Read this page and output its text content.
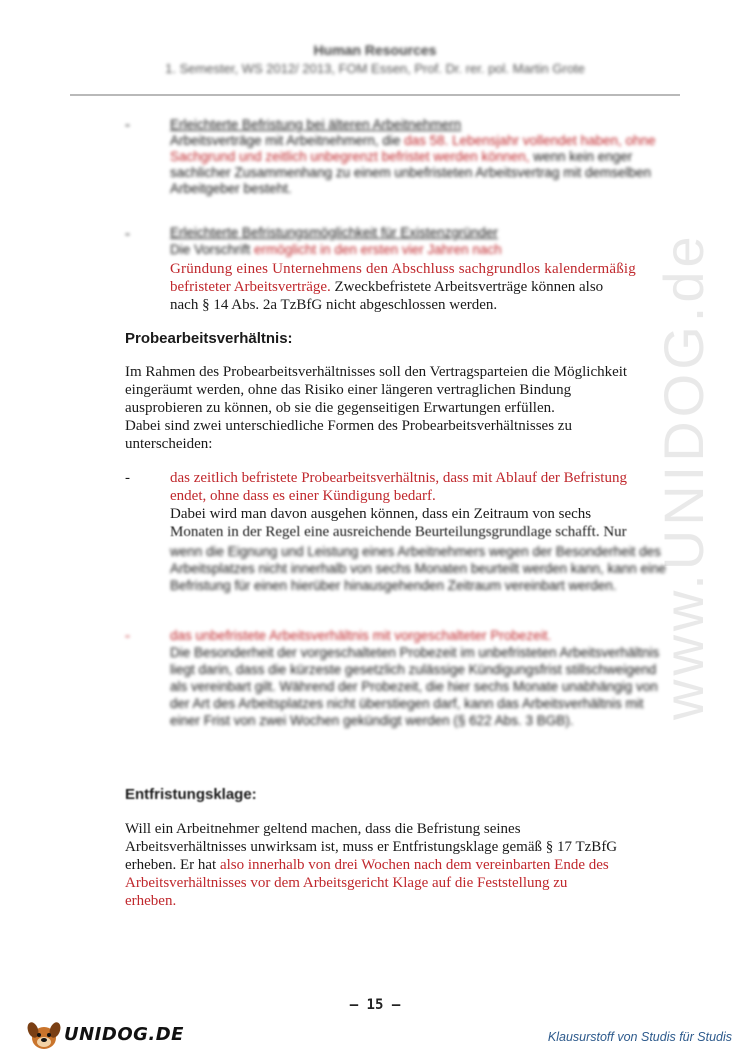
Human Resources
1. Semester, WS 2012/ 2013, FOM Essen, Prof. Dr. rer. pol. Martin Grote
www.UNIDOG.de
-	Erleichterte Befristung bei älteren Arbeitnehmern
Arbeitsverträge mit Arbeitnehmern, die das 58. Lebensjahr vollendet haben, ohne Sachgrund und zeitlich unbegrenzt befristet werden können, wenn kein enger sachlicher Zusammenhang zu einem unbefristeten Arbeitsvertrag mit demselben Arbeitgeber besteht.
-	Erleichterte Befristungsmöglichkeit für Existenzgründer
Die Vorschrift ermöglicht in den ersten vier Jahren nach
Gründung eines Unternehmens den Abschluss sachgrundlos kalendermäßig
befristeter Arbeitsverträge. Zweckbefristete Arbeitsverträge können also
nach § 14 Abs. 2a TzBfG nicht abgeschlossen werden.
Probearbeitsverhältnis:
Im Rahmen des Probearbeitsverhältnisses soll den Vertragsparteien die Möglichkeit
eingeräumt werden, ohne das Risiko einer längeren vertraglichen Bindung
ausprobieren zu können, ob sie die gegenseitigen Erwartungen erfüllen.
Dabei sind zwei unterschiedliche Formen des Probearbeitsverhältnisses zu
unterscheiden:
-	das zeitlich befristete Probearbeitsverhältnis, dass mit Ablauf der Befristung
endet, ohne dass es einer Kündigung bedarf.
Dabei wird man davon ausgehen können, dass ein Zeitraum von sechs
Monaten in der Regel eine ausreichende Beurteilungsgrundlage schafft. Nur
wenn die Eignung und Leistung eines Arbeitnehmers wegen der Besonderheit des Arbeitsplatzes nicht innerhalb von sechs Monaten beurteilt werden kann, kann eine Befristung für einen hierüber hinausgehenden Zeitraum vereinbart werden.
-	das unbefristete Arbeitsverhältnis mit vorgeschalteter Probezeit.
Die Besonderheit der vorgeschalteten Probezeit im unbefristeten Arbeitsverhältnis liegt darin, dass die kürzeste gesetzlich zulässige Kündigungsfrist stillschweigend als vereinbart gilt. Während der Probezeit, die hier sechs Monate unabhängig von der Art des Arbeitsplatzes nicht überstiegen darf, kann das Arbeitsverhältnis mit einer Frist von zwei Wochen gekündigt werden (§ 622 Abs. 3 BGB).
Entfristungsklage:
Will ein Arbeitnehmer geltend machen, dass die Befristung seines
Arbeitsverhältnisses unwirksam ist, muss er Entfristungsklage gemäß § 17 TzBfG
erheben. Er hat also innerhalb von drei Wochen nach dem vereinbarten Ende des
Arbeitsverhältnisses vor dem Arbeitsgericht Klage auf die Feststellung zu
erheben.
– 15 –
UNIDOG.DE	Klausurstoff von Studis für Studis
